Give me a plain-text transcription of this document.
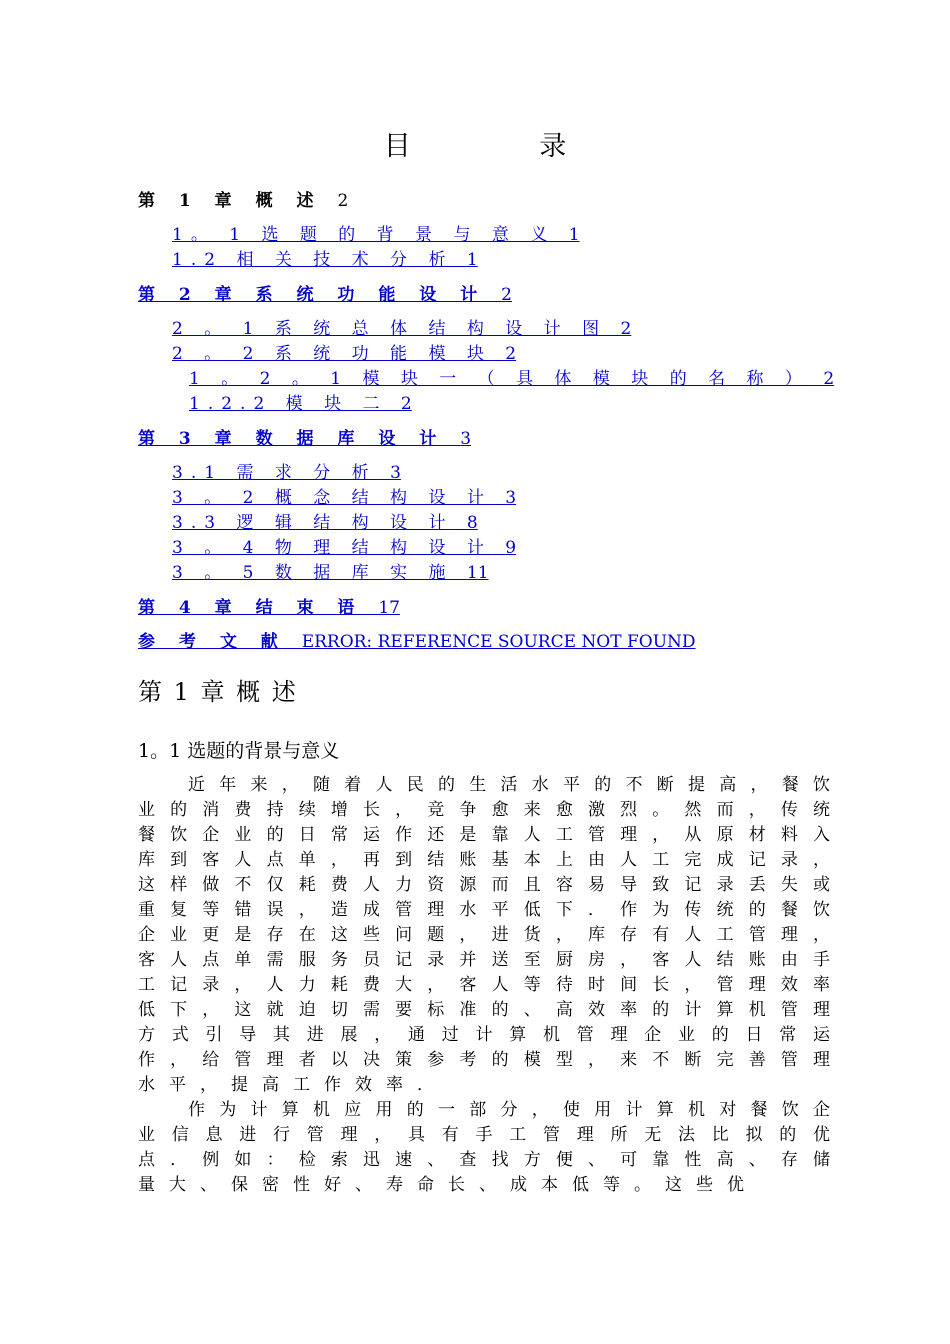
目 录
第 1 章 概 述 2
1。 1 选 题 的 背 景 与 意 义 1
1.2 相 关 技 术 分 析 1
第 2 章 系 统 功 能 设 计 2
2 。 1 系 统 总 体 结 构 设 计 图 2
2 。 2 系 统 功 能 模 块 2
1 。 2 。 1 模 块 一 （ 具 体 模 块 的 名 称 ） 2
1.2.2 模 块 二 2
第 3 章 数 据 库 设 计 3
3.1 需 求 分 析 3
3 。 2 概 念 结 构 设 计 3
3.3 逻 辑 结 构 设 计 8
3 。 4 物 理 结 构 设 计 9
3 。 5 数 据 库 实 施 11
第 4 章 结 束 语 17
参 考 文 献 ERROR: REFERENCE SOURCE NOT FOUND
第 1 章 概 述
1。1 选题的背景与意义

近年来，随着人民的生活水平的不断提高，餐饮业的消费持续增长，竞争愈来愈激烈。然而，传统餐饮企业的日常运作还是靠人工管理，从原材料入库到客人点单，再到结账基本上由人工完成记录，这样做不仅耗费人力资源而且容易导致记录丢失或重复等错误，造成管理水平低下．作为传统的餐饮企业更是存在这些问题，进货，库存有人工管理，客人点单需服务员记录并送至厨房，客人结账由手工记录，人力耗费大，客人等待时间长，管理效率低下，这就迫切需要标准的、高效率的计算机管理方式引导其进展，通过计算机管理企业的日常运作，给管理者以决策参考的模型，来不断完善管理水平，提高工作效率．

作为计算机应用的一部分，使用计算机对餐饮企业信息进行管理，具有手工管理所无法比拟的优点．例如：检索迅速、查找方便、可靠性高、存储量大、保密性好、寿命长、成本低等。这些优
